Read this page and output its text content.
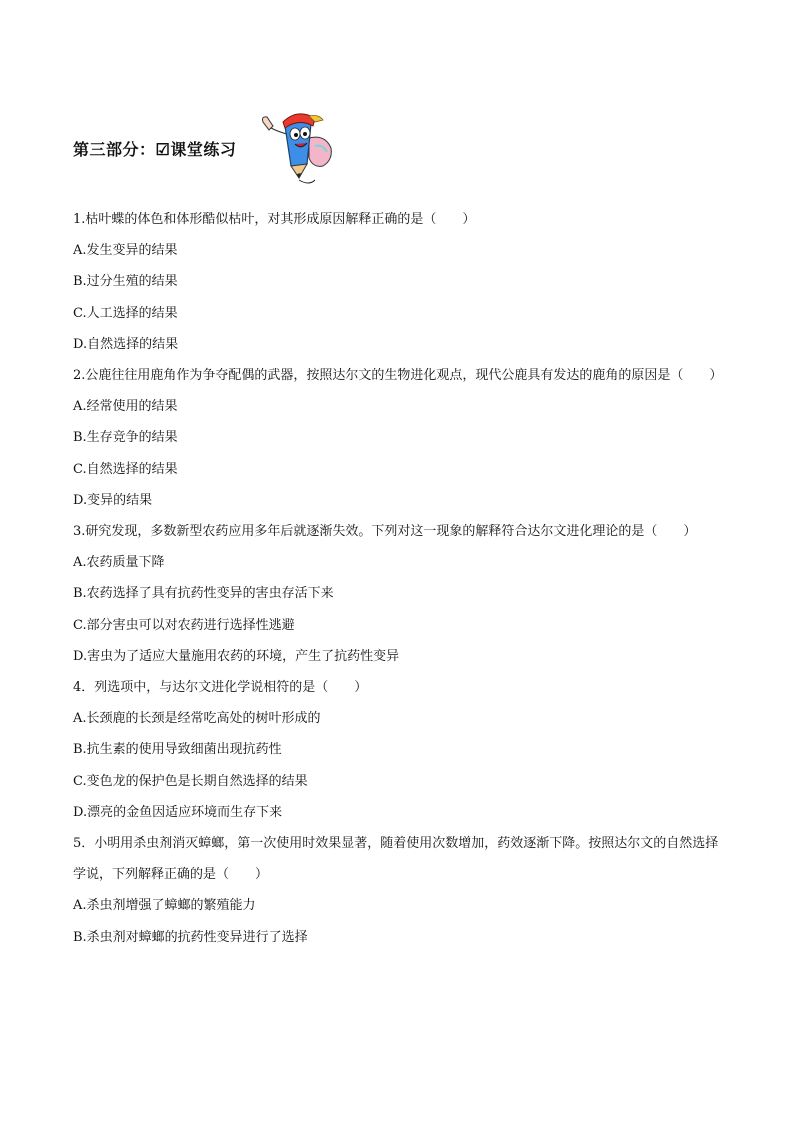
第三部分：☑课堂练习
1.枯叶蝶的体色和体形酷似枯叶，对其形成原因解释正确的是（　　）
A.发生变异的结果
B.过分生殖的结果
C.人工选择的结果
D.自然选择的结果
2.公鹿往往用鹿角作为争夺配偶的武器，按照达尔文的生物进化观点，现代公鹿具有发达的鹿角的原因是（　　）
A.经常使用的结果
B.生存竞争的结果
C.自然选择的结果
D.变异的结果
3.研究发现，多数新型农药应用多年后就逐渐失效。下列对这一现象的解释符合达尔文进化理论的是（　　）
A.农药质量下降
B.农药选择了具有抗药性变异的害虫存活下来
C.部分害虫可以对农药进行选择性逃避
D.害虫为了适应大量施用农药的环境，产生了抗药性变异
4．列选项中，与达尔文进化学说相符的是（　　）
A.长颈鹿的长颈是经常吃高处的树叶形成的
B.抗生素的使用导致细菌出现抗药性
C.变色龙的保护色是长期自然选择的结果
D.漂亮的金鱼因适应环境而生存下来
5．小明用杀虫剂消灭蟑螂，第一次使用时效果显著，随着使用次数增加，药效逐渐下降。按照达尔文的自然选择学说，下列解释正确的是（　　）
A.杀虫剂增强了蟑螂的繁殖能力
B.杀虫剂对蟑螂的抗药性变异进行了选择
